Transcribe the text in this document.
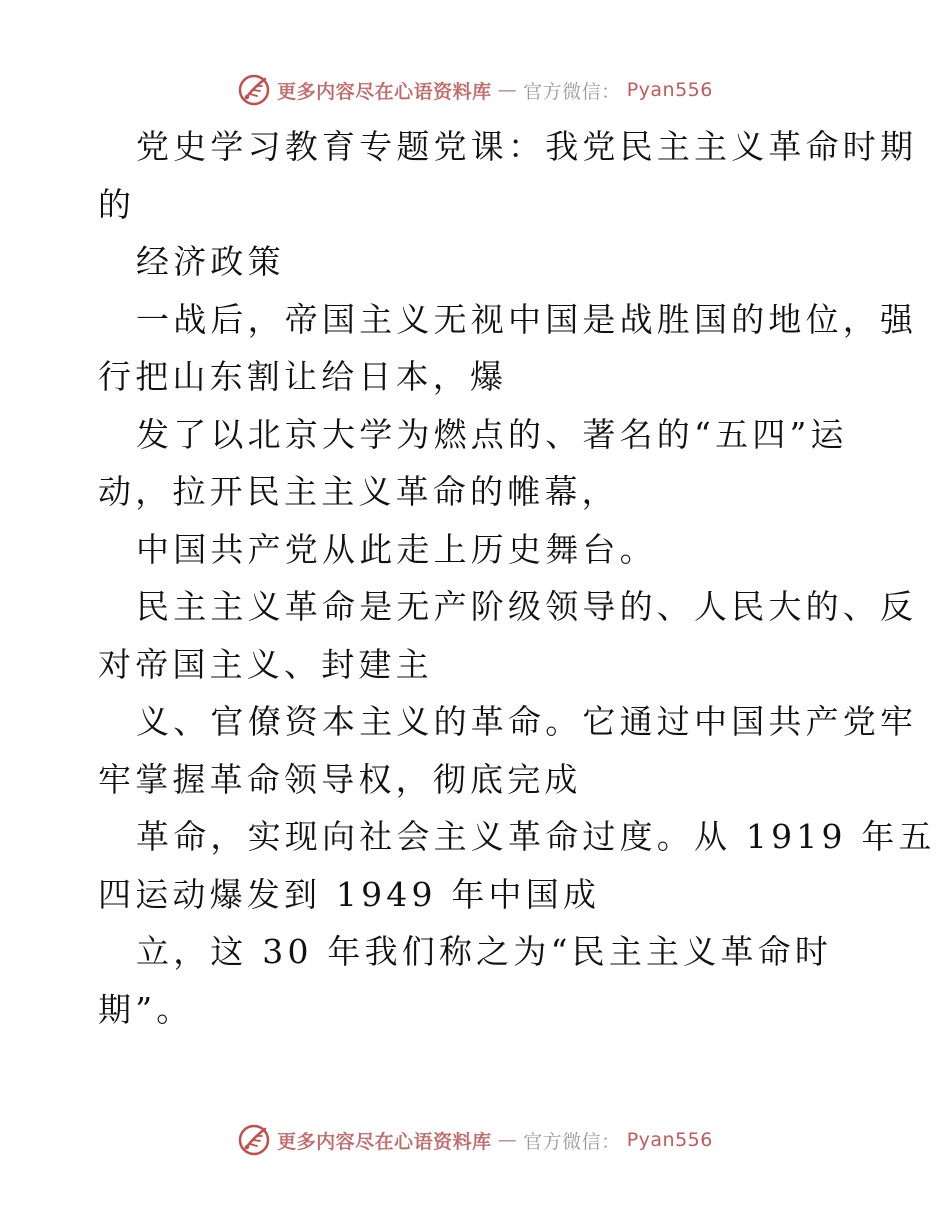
更多内容尽在心语资料库 — 官方微信： Pyan556
党史学习教育专题党课：我党民主主义革命时期
的
经济政策
一战后，帝国主义无视中国是战胜国的地位，强
行把山东割让给日本，爆
发了以北京大学为燃点的、著名的“五四”运
动，拉开民主主义革命的帷幕，
中国共产党从此走上历史舞台。
民主主义革命是无产阶级领导的、人民大的、反
对帝国主义、封建主
义、官僚资本主义的革命。它通过中国共产党牢
牢掌握革命领导权，彻底完成
革命，实现向社会主义革命过度。从 1919 年五
四运动爆发到 1949 年中国成
立，这 30 年我们称之为“民主主义革命时
期”。
更多内容尽在心语资料库 — 官方微信： Pyan556
